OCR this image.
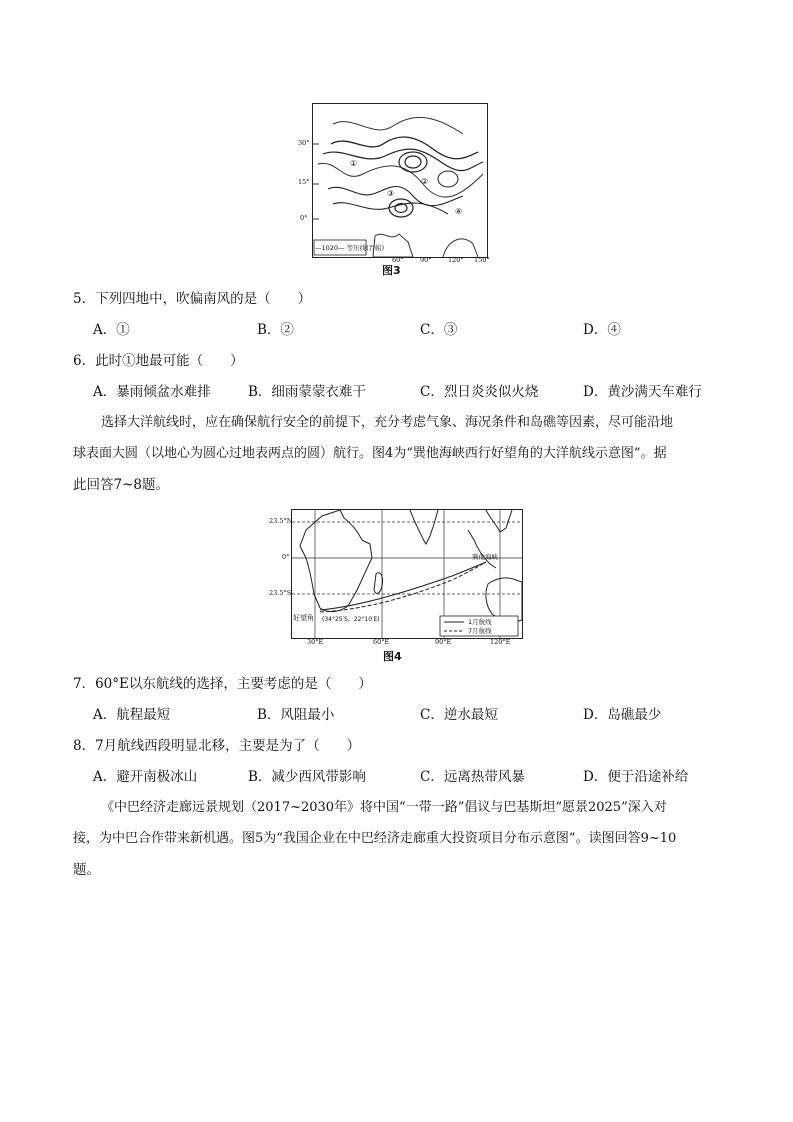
①
②
③
④
—1020— 等压线(百帕)
30°
15°
0°
60°	90°	120° 150°
图3
5．下列四地中，吹偏南风的是（　　）
A．①	B．②	C．③	D．④
6．此时①地最可能（　　）
A．暴雨倾盆水难排	B．细雨蒙蒙衣难干	C．烈日炎炎似火烧	D．黄沙满天车难行
选择大洋航线时，应在确保航行安全的前提下，充分考虑气象、海况条件和岛礁等因素，尽可能沿地
球表面大圆（以地心为圆心过地表两点的圆）航行。图4为“巽他海峡西行好望角的大洋航线示意图”。据
此回答7~8题。
好望角 (34°25′S，22°10′E)
巽他海峡
1月航线
7月航线
23.5°N
0°
23.5°S
30°E	60°E	90°E	120°E
图4
7．60°E以东航线的选择，主要考虑的是（　　）
A．航程最短	B．风阻最小	C．逆水最短	D．岛礁最少
8．7月航线西段明显北移，主要是为了（　　）
A．避开南极冰山	B．减少西风带影响	C．远离热带风暴	D．便于沿途补给
《中巴经济走廊远景规划（2017~2030年》将中国“一带一路”倡议与巴基斯坦“愿景2025”深入对
接，为中巴合作带来新机遇。图5为“我国企业在中巴经济走廊重大投资项目分布示意图”。读图回答9~10
题。
